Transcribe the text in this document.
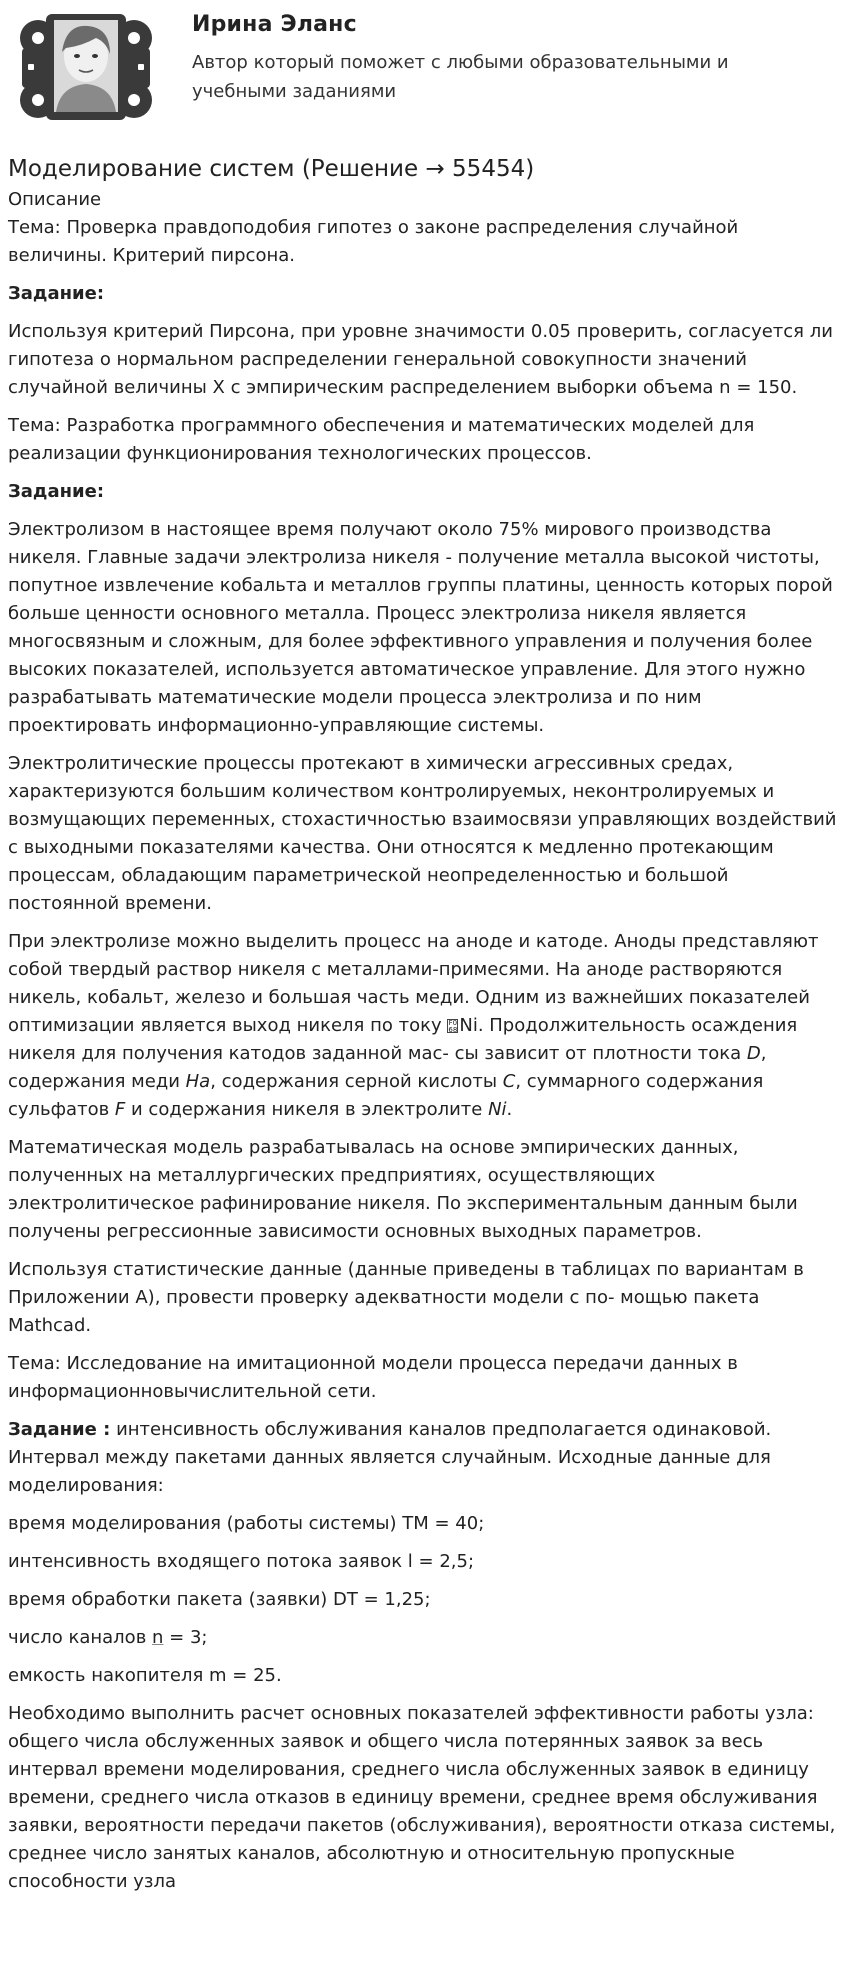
Ирина Эланс

Автор который поможет с любыми образовательными и учебными заданиями

Моделирование систем (Решение → 55454)

Описание

Тема: Проверка правдоподобия гипотез о законе распределения случайной величины. Критерий пирсона.

Задание:

Используя критерий Пирсона, при уровне значимости 0.05 проверить, согласуется ли гипотеза о нормальном распределении генеральной совокупности значений случайной величины X с эмпирическим распределением выборки объема n = 150.

Тема: Разработка программного обеспечения и математических моделей для реализации функционирования технологических процессов.

Задание:

Электролизом в настоящее время получают около 75% мирового производства никеля. Главные задачи электролиза никеля - получение металла высокой чистоты, попутное извлечение кобальта и металлов группы платины, ценность которых порой больше ценности основного металла. Процесс электролиза никеля является многосвязным и сложным, для более эффективного управления и получения более высоких показателей, используется автоматическое управление. Для этого нужно разрабатывать математические модели процесса электролиза и по ним проектировать информационно-управляющие системы.

Электролитические процессы протекают в химически агрессивных средах, характеризуются большим количеством контролируемых, неконтролируемых и возмущающих переменных, стохастичностью взаимосвязи управляющих воздействий с выходными показателями качества. Они относятся к медленно протекающим процессам, обладающим параметрической неопределенностью и большой постоянной времени.

При электролизе можно выделить процесс на аноде и катоде. Аноды представляют собой твердый раствор никеля с металлами-примесями. На аноде растворяются никель, кобальт, железо и большая часть меди. Одним из важнейших показателей оптимизации является выход никеля по току F0 68 Ni. Продолжительность осаждения никеля для получения катодов заданной мас- сы зависит от плотности тока D, содержания меди Ha, содержания серной кислоты C, суммарного содержания сульфатов F и содержания никеля в электролите Ni.

Математическая модель разрабатывалась на основе эмпирических данных, полученных на металлургических предприятиях, осуществляющих электролитическое рафинирование никеля. По экспериментальным данным были получены регрессионные зависимости основных выходных параметров.

Используя статистические данные (данные приведены в таблицах по вариантам в Приложении А), провести проверку адекватности модели с по- мощью пакета Mathcad.

Тема: Исследование на имитационной модели процесса передачи данных в информационновычислительной сети.

Задание : интенсивность обслуживания каналов предполагается одинаковой. Интервал между пакетами данных является случайным. Исходные данные для моделирования:

время моделирования (работы системы) TM = 40;

интенсивность входящего потока заявок l = 2,5;

время обработки пакета (заявки) DT = 1,25;

число каналов n = 3;

емкость накопителя m = 25.

Необходимо выполнить расчет основных показателей эффективности работы узла: общего числа обслуженных заявок и общего числа потерянных заявок за весь интервал времени моделирования, среднего числа обслуженных заявок в единицу времени, среднего числа отказов в единицу времени, среднее время обслуживания заявки, вероятности передачи пакетов (обслуживания), вероятности отказа системы, среднее число занятых каналов, абсолютную и относительную пропускные способности узла
